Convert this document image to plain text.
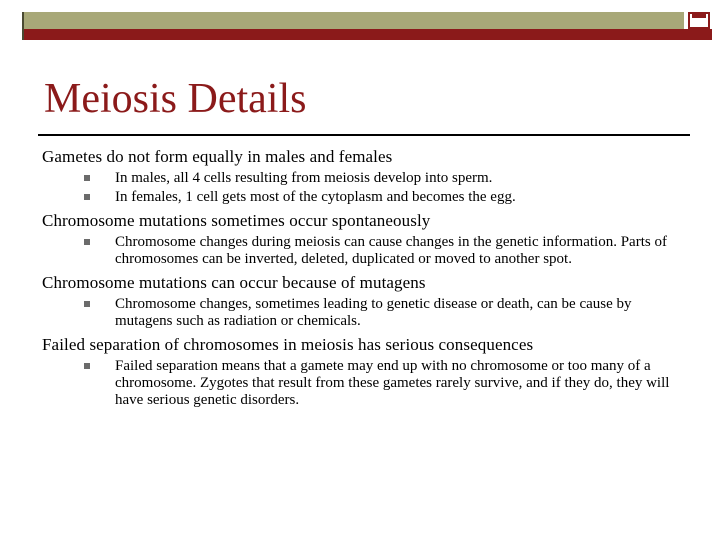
Meiosis Details

Gametes do not form equally in males and females

In males, all 4 cells resulting from meiosis develop into sperm.
In females, 1 cell gets most of the cytoplasm and becomes the egg.

Chromosome mutations sometimes occur spontaneously

Chromosome changes during meiosis can cause changes in the genetic information. Parts of chromosomes can be inverted, deleted, duplicated or moved to another spot.

Chromosome mutations can occur because of mutagens

Chromosome changes, sometimes leading to genetic disease or death, can be cause by mutagens such as radiation or chemicals.

Failed separation of chromosomes in meiosis has serious consequences

Failed separation means that a gamete may end up with no chromosome or too many of a chromosome. Zygotes that result from these gametes rarely survive, and if they do, they will have serious genetic disorders.
